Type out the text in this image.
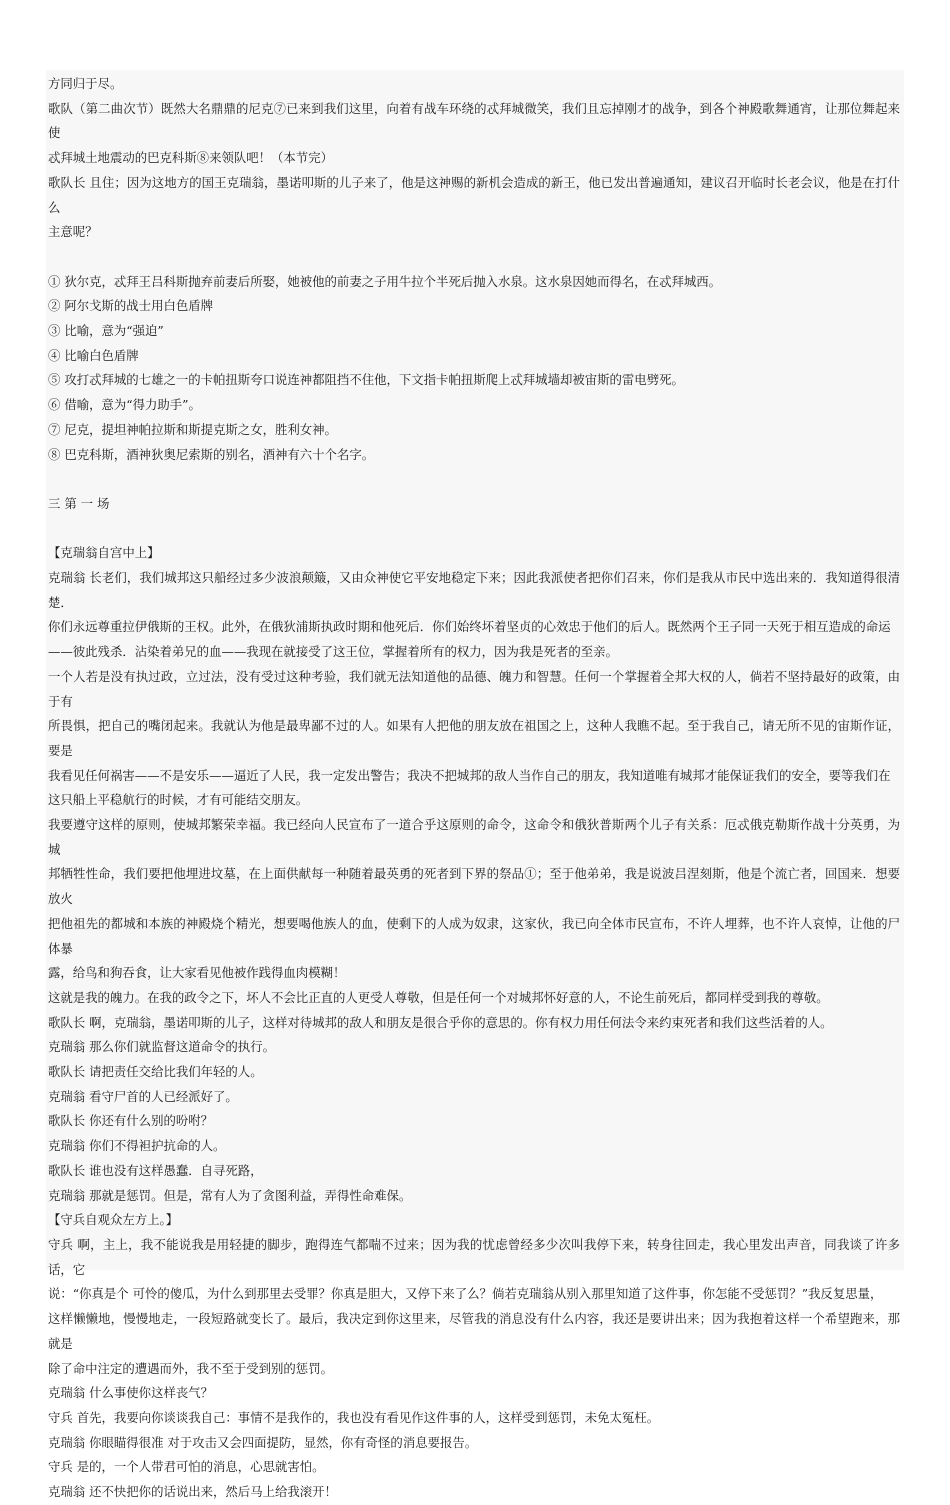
方同归于尽。
歌队（第二曲次节）既然大名鼎鼎的尼克⑦已来到我们这里，向着有战车环绕的忒拜城微笑，我们且忘掉刚才的战争，到各个神殿歌舞通宵，让那位舞起来使
忒拜城土地震动的巴克科斯⑧来领队吧！（本节完）
歌队长 且住；因为这地方的国王克瑞翁，墨诺叩斯的儿子来了，他是这神赐的新机会造成的新王，他已发出普遍通知，建议召开临时长老会议，他是在打什么
主意呢？
① 狄尔克，忒拜王吕科斯抛弃前妻后所娶，她被他的前妻之子用牛拉个半死后抛入水泉。这水泉因她而得名，在忒拜城西。
② 阿尔戈斯的战士用白色盾牌
③ 比喻，意为“强迫”
④ 比喻白色盾牌
⑤ 攻打忒拜城的七雄之一的卡帕扭斯夸口说连神都阻挡不住他，下文指卡帕扭斯爬上忒拜城墙却被宙斯的雷电劈死。
⑥ 借喻，意为“得力助手”。
⑦ 尼克，提坦神帕拉斯和斯提克斯之女，胜利女神。
⑧ 巴克科斯，酒神狄奥尼索斯的别名，酒神有六十个名字。
三 第 一 场
【克瑞翁自宫中上】
克瑞翁 长老们，我们城邦这只船经过多少波浪颠簸，又由众神使它平安地稳定下来；因此我派使者把你们召来，你们是我从市民中选出来的．我知道得很清楚．
你们永远尊重拉伊俄斯的王权。此外，在俄狄浦斯执政时期和他死后．你们始终坏着坚贞的心效忠于他们的后人。既然两个王子同一天死于相互造成的命运
——彼此残杀．沾染着弟兄的血——我现在就接受了这王位，掌握着所有的权力，因为我是死者的至亲。
一个人若是没有执过政，立过法，没有受过这种考验，我们就无法知道他的品德、魄力和智慧。任何一个掌握着全邦大权的人，倘若不坚持最好的政策，由于有
所畏惧，把自己的嘴闭起来。我就认为他是最卑鄙不过的人。如果有人把他的朋友放在祖国之上，这种人我瞧不起。至于我自己，请无所不见的宙斯作证，要是
我看见任何祸害——不是安乐——逼近了人民，我一定发出警告；我决不把城邦的敌人当作自己的朋友，我知道唯有城邦才能保证我们的安全，要等我们在
这只船上平稳航行的时候，才有可能结交朋友。
我要遵守这样的原则，使城邦繁荣幸福。我已经向人民宣布了一道合乎这原则的命令，这命令和俄狄普斯两个儿子有关系：厄忒俄克勒斯作战十分英勇，为城
邦牺牲性命，我们要把他埋进坟墓，在上面供献每一种随着最英勇的死者到下界的祭品①；至于他弟弟，我是说波吕涅刻斯，他是个流亡者，回国来．想要放火
把他祖先的都城和本族的神殿烧个精光，想要喝他族人的血，使剩下的人成为奴隶，这家伙，我已向全体市民宣布，不许人埋葬，也不许人哀悼，让他的尸体暴
露，给鸟和狗吞食，让大家看见他被作践得血肉模糊！
这就是我的魄力。在我的政令之下，坏人不会比正直的人更受人尊敬，但是任何一个对城邦怀好意的人，不论生前死后，都同样受到我的尊敬。
歌队长 啊，克瑞翁，墨诺叩斯的儿子，这样对待城邦的敌人和朋友是很合乎你的意思的。你有权力用任何法令来约束死者和我们这些活着的人。
克瑞翁 那么你们就监督这道命令的执行。
歌队长 请把责任交给比我们年轻的人。
克瑞翁 看守尸首的人已经派好了。
歌队长 你还有什么别的吩咐？
克瑞翁 你们不得袒护抗命的人。
歌队长 谁也没有这样愚蠢．自寻死路，
克瑞翁 那就是惩罚。但是，常有人为了贪图利益，弄得性命难保。
【守兵自观众左方上。】
守兵 啊，主上，我不能说我是用轻捷的脚步，跑得连气都喘不过来；因为我的忧虑曾经多少次叫我停下来，转身往回走，我心里发出声音，同我谈了许多话，它
说：“你真是个 可怜的傻瓜，为什么到那里去受罪？你真是胆大，又停下来了么？倘若克瑞翁从别入那里知道了这件事，你怎能不受惩罚？”我反复思量，
这样懒懒地，慢慢地走，一段短路就变长了。最后，我决定到你这里来，尽管我的消息没有什么内容，我还是要讲出来；因为我抱着这样一个希望跑来，那就是
除了命中注定的遭遇而外，我不至于受到别的惩罚。
克瑞翁 什么事使你这样丧气？
守兵 首先，我要向你谈谈我自己：事情不是我作的，我也没有看见作这件事的人，这样受到惩罚，未免太冤枉。
克瑞翁 你眼瞄得很准 对于攻击又会四面提防，显然，你有奇怪的消息要报告。
守兵 是的，一个人带君可怕的消息，心思就害怕。
克瑞翁 还不快把你的话说出来，然后马上给我滚开！
